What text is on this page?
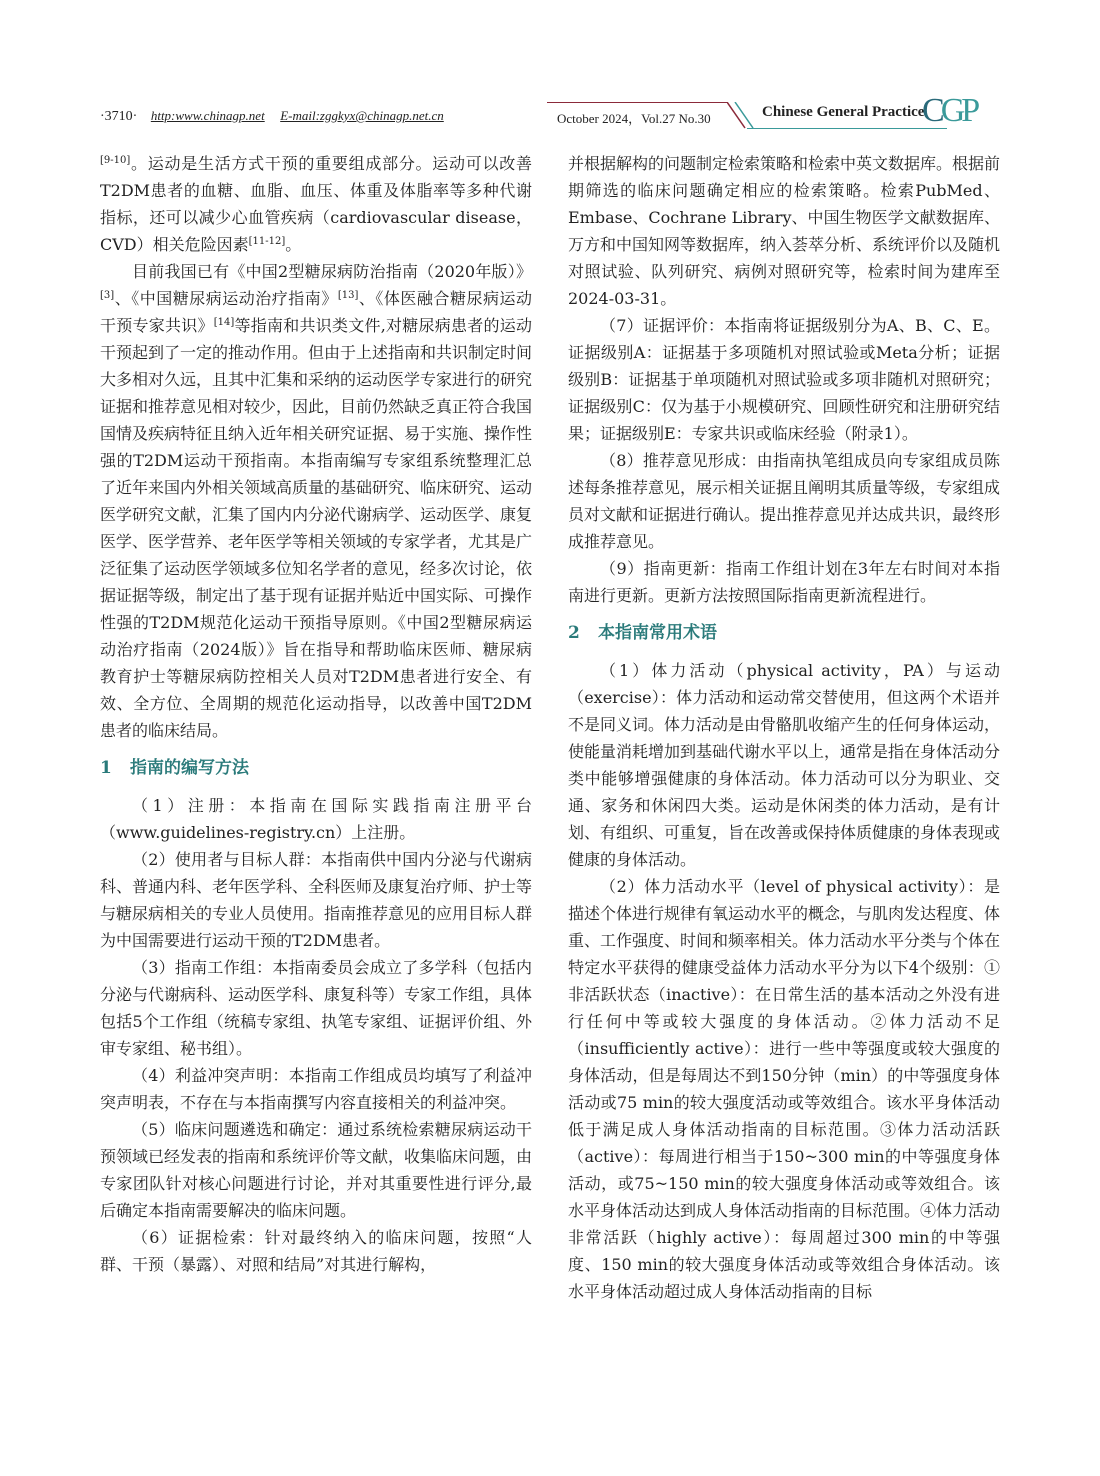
·3710· http:www.chinagp.net E-mail:zggkyx@chinagp.net.cn	October 2024，Vol.27 No.30	Chinese General Practice
CGP

[9-10]。运动是生活方式干预的重要组成部分。运动可以改善T2DM患者的血糖、血脂、血压、体重及体脂率等多种代谢指标，还可以减少心血管疾病（cardiovascular disease，CVD）相关危险因素[11-12]。

目前我国已有《中国2型糖尿病防治指南（2020年版）》[3]、《中国糖尿病运动治疗指南》[13]、《体医融合糖尿病运动干预专家共识》[14]等指南和共识类文件,对糖尿病患者的运动干预起到了一定的推动作用。但由于上述指南和共识制定时间大多相对久远，且其中汇集和采纳的运动医学专家进行的研究证据和推荐意见相对较少，因此，目前仍然缺乏真正符合我国国情及疾病特征且纳入近年相关研究证据、易于实施、操作性强的T2DM运动干预指南。本指南编写专家组系统整理汇总了近年来国内外相关领域高质量的基础研究、临床研究、运动医学研究文献，汇集了国内内分泌代谢病学、运动医学、康复医学、医学营养、老年医学等相关领域的专家学者，尤其是广泛征集了运动医学领域多位知名学者的意见，经多次讨论，依据证据等级，制定出了基于现有证据并贴近中国实际、可操作性强的T2DM规范化运动干预指导原则。《中国2型糖尿病运动治疗指南（2024版）》旨在指导和帮助临床医师、糖尿病教育护士等糖尿病防控相关人员对T2DM患者进行安全、有效、全方位、全周期的规范化运动指导，以改善中国T2DM患者的临床结局。

1 指南的编写方法

（1）注册：本指南在国际实践指南注册平台（www.guidelines-registry.cn）上注册。

（2）使用者与目标人群：本指南供中国内分泌与代谢病科、普通内科、老年医学科、全科医师及康复治疗师、护士等与糖尿病相关的专业人员使用。指南推荐意见的应用目标人群为中国需要进行运动干预的T2DM患者。

（3）指南工作组：本指南委员会成立了多学科（包括内分泌与代谢病科、运动医学科、康复科等）专家工作组，具体包括5个工作组（统稿专家组、执笔专家组、证据评价组、外审专家组、秘书组）。

（4）利益冲突声明：本指南工作组成员均填写了利益冲突声明表，不存在与本指南撰写内容直接相关的利益冲突。

（5）临床问题遴选和确定：通过系统检索糖尿病运动干预领域已经发表的指南和系统评价等文献，收集临床问题，由专家团队针对核心问题进行讨论，并对其重要性进行评分,最后确定本指南需要解决的临床问题。

（6）证据检索：针对最终纳入的临床问题，按照“人群、干预（暴露）、对照和结局”对其进行解构，

并根据解构的问题制定检索策略和检索中英文数据库。根据前期筛选的临床问题确定相应的检索策略。检索PubMed、Embase、Cochrane Library、中国生物医学文献数据库、万方和中国知网等数据库，纳入荟萃分析、系统评价以及随机对照试验、队列研究、病例对照研究等，检索时间为建库至2024-03-31。

（7）证据评价：本指南将证据级别分为A、B、C、E。证据级别A：证据基于多项随机对照试验或Meta分析；证据级别B：证据基于单项随机对照试验或多项非随机对照研究；证据级别C：仅为基于小规模研究、回顾性研究和注册研究结果；证据级别E：专家共识或临床经验（附录1）。

（8）推荐意见形成：由指南执笔组成员向专家组成员陈述每条推荐意见，展示相关证据且阐明其质量等级，专家组成员对文献和证据进行确认。提出推荐意见并达成共识，最终形成推荐意见。

（9）指南更新：指南工作组计划在3年左右时间对本指南进行更新。更新方法按照国际指南更新流程进行。

2 本指南常用术语

（1）体力活动（physical activity，PA）与运动（exercise）：体力活动和运动常交替使用，但这两个术语并不是同义词。体力活动是由骨骼肌收缩产生的任何身体运动，使能量消耗增加到基础代谢水平以上，通常是指在身体活动分类中能够增强健康的身体活动。体力活动可以分为职业、交通、家务和休闲四大类。运动是休闲类的体力活动，是有计划、有组织、可重复，旨在改善或保持体质健康的身体表现或健康的身体活动。

（2）体力活动水平（level of physical activity）：是描述个体进行规律有氧运动水平的概念，与肌肉发达程度、体重、工作强度、时间和频率相关。体力活动水平分类与个体在特定水平获得的健康受益体力活动水平分为以下4个级别：①非活跃状态（inactive）：在日常生活的基本活动之外没有进行任何中等或较大强度的身体活动。②体力活动不足（insufficiently active）：进行一些中等强度或较大强度的身体活动，但是每周达不到150分钟（min）的中等强度身体活动或75 min的较大强度活动或等效组合。该水平身体活动低于满足成人身体活动指南的目标范围。③体力活动活跃（active）：每周进行相当于150~300 min的中等强度身体活动，或75~150 min的较大强度身体活动或等效组合。该水平身体活动达到成人身体活动指南的目标范围。④体力活动非常活跃（highly active）：每周超过300 min的中等强度、150 min的较大强度身体活动或等效组合身体活动。该水平身体活动超过成人身体活动指南的目标
